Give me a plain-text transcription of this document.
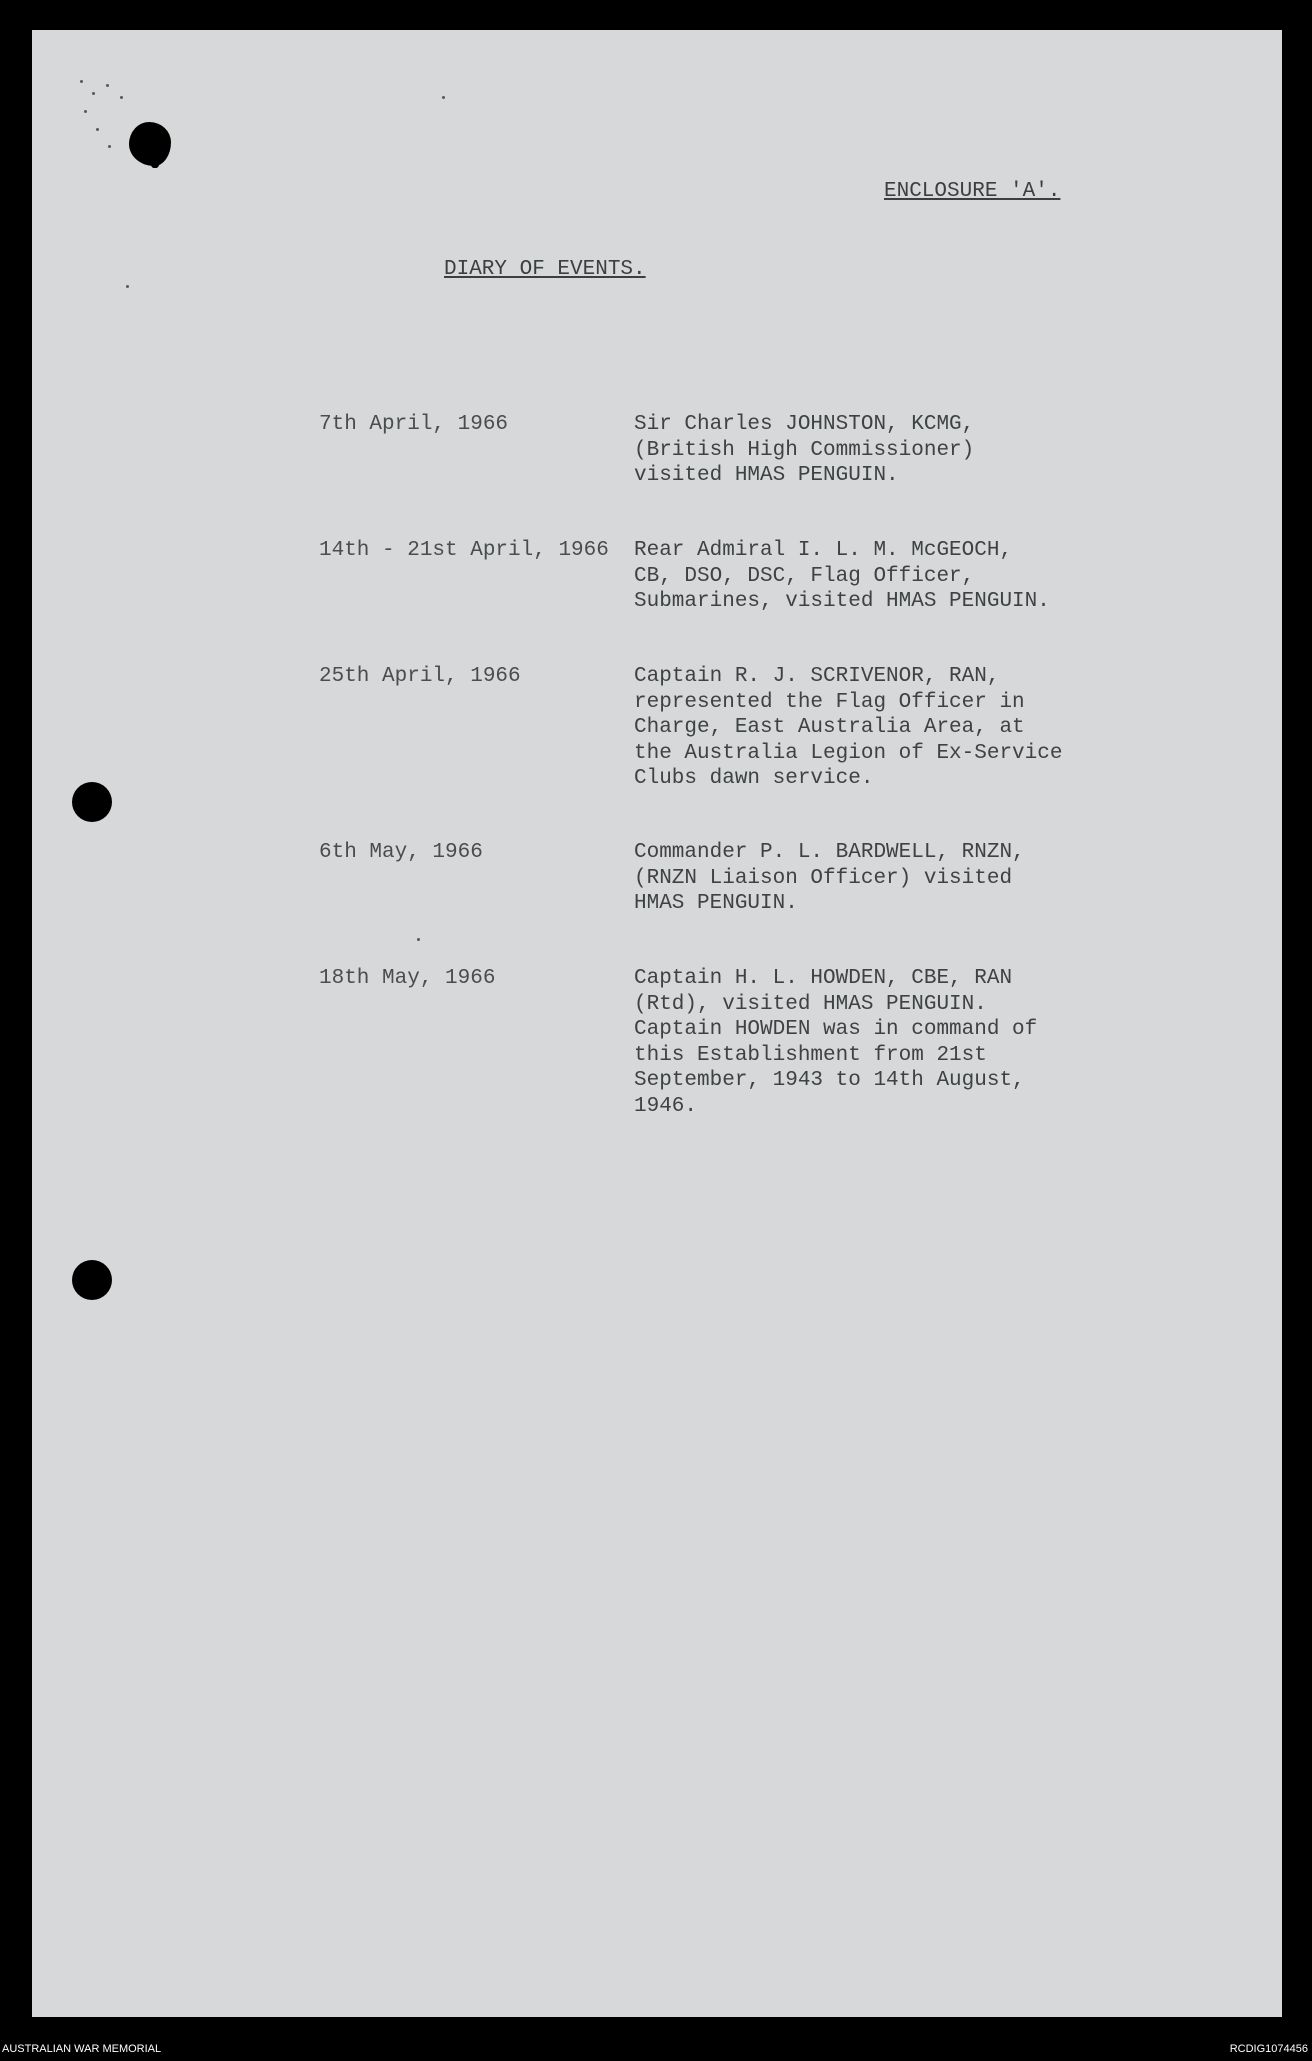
ENCLOSURE 'A'.
DIARY OF EVENTS.
7th April, 1966	Sir Charles JOHNSTON, KCMG,
(British High Commissioner)
visited HMAS PENGUIN.
14th - 21st April, 1966 Rear Admiral I. L. M. McGEOCH,
CB, DSO, DSC, Flag Officer,
Submarines, visited HMAS PENGUIN.
25th April, 1966	Captain R. J. SCRIVENOR, RAN,
represented the Flag Officer in
Charge, East Australia Area, at
the Australia Legion of Ex-Service
Clubs dawn service.
6th May, 1966	Commander P. L. BARDWELL, RNZN,
(RNZN Liaison Officer) visited
HMAS PENGUIN.
18th May, 1966	Captain H. L. HOWDEN, CBE, RAN
(Rtd), visited HMAS PENGUIN.
Captain HOWDEN was in command of
this Establishment from 21st
September, 1943 to 14th August,
1946.
AUSTRALIAN WAR MEMORIAL	RCDIG1074456
